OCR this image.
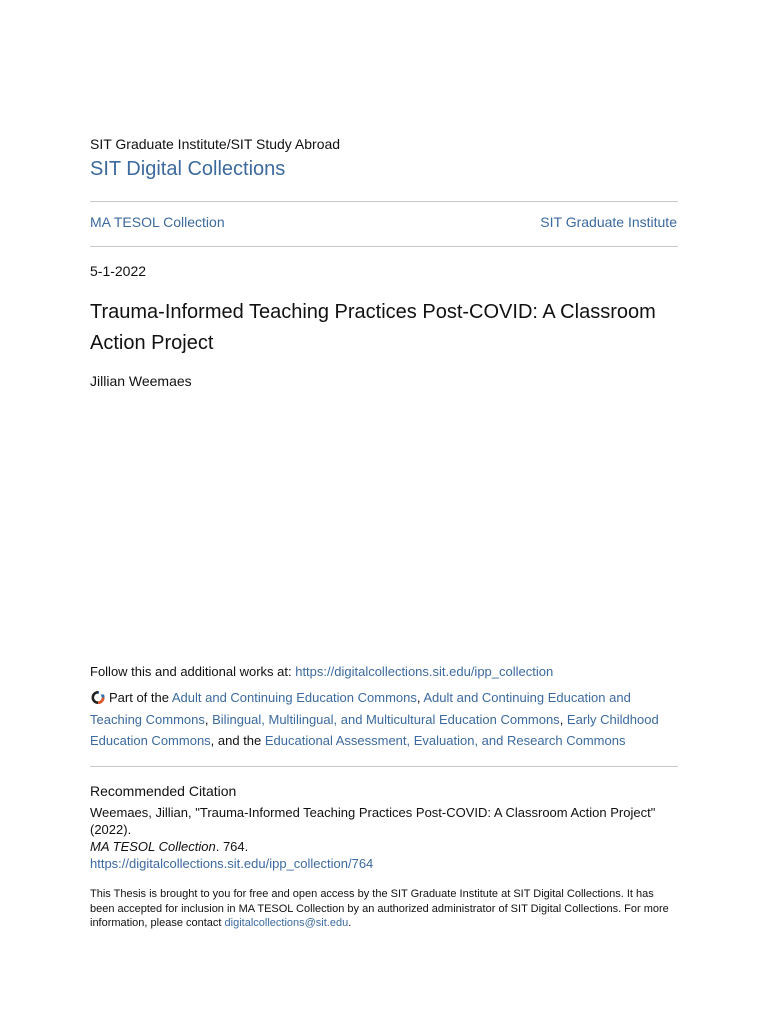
SIT Graduate Institute/SIT Study Abroad
SIT Digital Collections
MA TESOL Collection	SIT Graduate Institute
5-1-2022
Trauma-Informed Teaching Practices Post-COVID: A Classroom Action Project
Jillian Weemaes
Follow this and additional works at: https://digitalcollections.sit.edu/ipp_collection
Part of the Adult and Continuing Education Commons, Adult and Continuing Education and Teaching Commons, Bilingual, Multilingual, and Multicultural Education Commons, Early Childhood Education Commons, and the Educational Assessment, Evaluation, and Research Commons
Recommended Citation
Weemaes, Jillian, "Trauma-Informed Teaching Practices Post-COVID: A Classroom Action Project" (2022).
MA TESOL Collection. 764.
https://digitalcollections.sit.edu/ipp_collection/764
This Thesis is brought to you for free and open access by the SIT Graduate Institute at SIT Digital Collections. It has been accepted for inclusion in MA TESOL Collection by an authorized administrator of SIT Digital Collections. For more information, please contact digitalcollections@sit.edu.
